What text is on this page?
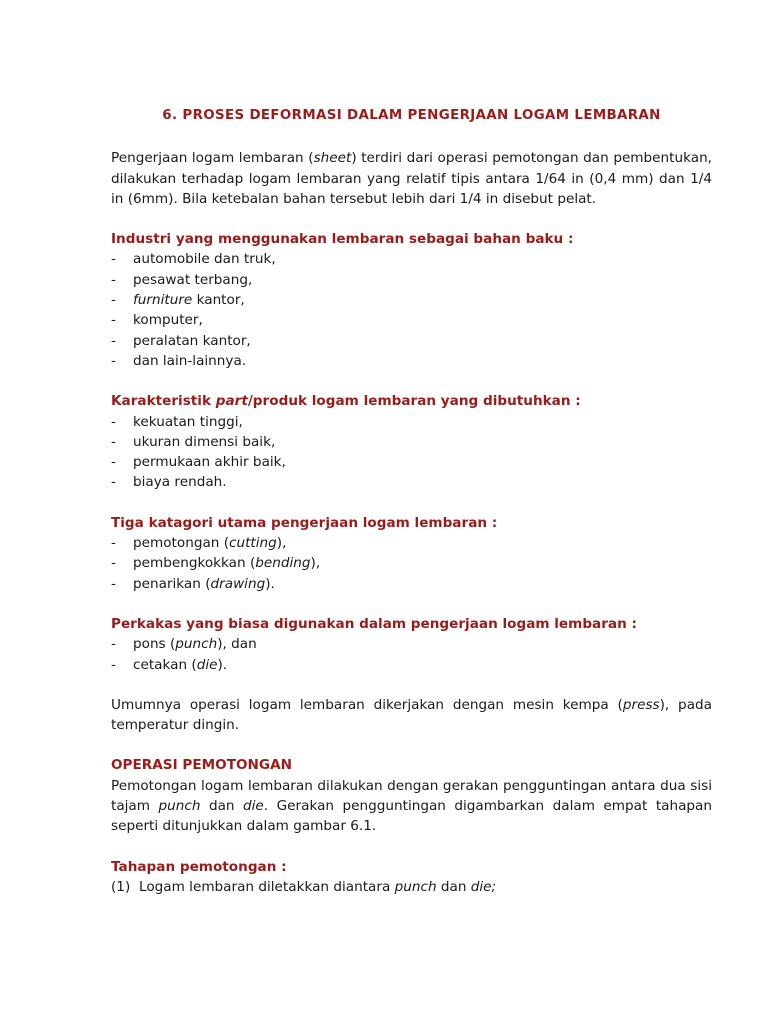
6. PROSES DEFORMASI DALAM PENGERJAAN LOGAM LEMBARAN

Pengerjaan logam lembaran (sheet) terdiri dari operasi pemotongan dan pembentukan, dilakukan terhadap logam lembaran yang relatif tipis antara 1/64 in (0,4 mm) dan 1/4 in (6mm). Bila ketebalan bahan tersebut lebih dari 1/4 in disebut pelat.

Industri yang menggunakan lembaran sebagai bahan baku :
- automobile dan truk,
- pesawat terbang,
- furniture kantor,
- komputer,
- peralatan kantor,
- dan lain-lainnya.
Karakteristik part/produk logam lembaran yang dibutuhkan :
- kekuatan tinggi,
- ukuran dimensi baik,
- permukaan akhir baik,
- biaya rendah.
Tiga katagori utama pengerjaan logam lembaran :
- pemotongan (cutting),
- pembengkokkan (bending),
- penarikan (drawing).
Perkakas yang biasa digunakan dalam pengerjaan logam lembaran :
- pons (punch), dan
- cetakan (die).

Umumnya operasi logam lembaran dikerjakan dengan mesin kempa (press), pada temperatur dingin.

OPERASI PEMOTONGAN

Pemotongan logam lembaran dilakukan dengan gerakan pengguntingan antara dua sisi tajam punch dan die. Gerakan pengguntingan digambarkan dalam empat tahapan seperti ditunjukkan dalam gambar 6.1.

Tahapan pemotongan :
(1) Logam lembaran diletakkan diantara punch dan die;
